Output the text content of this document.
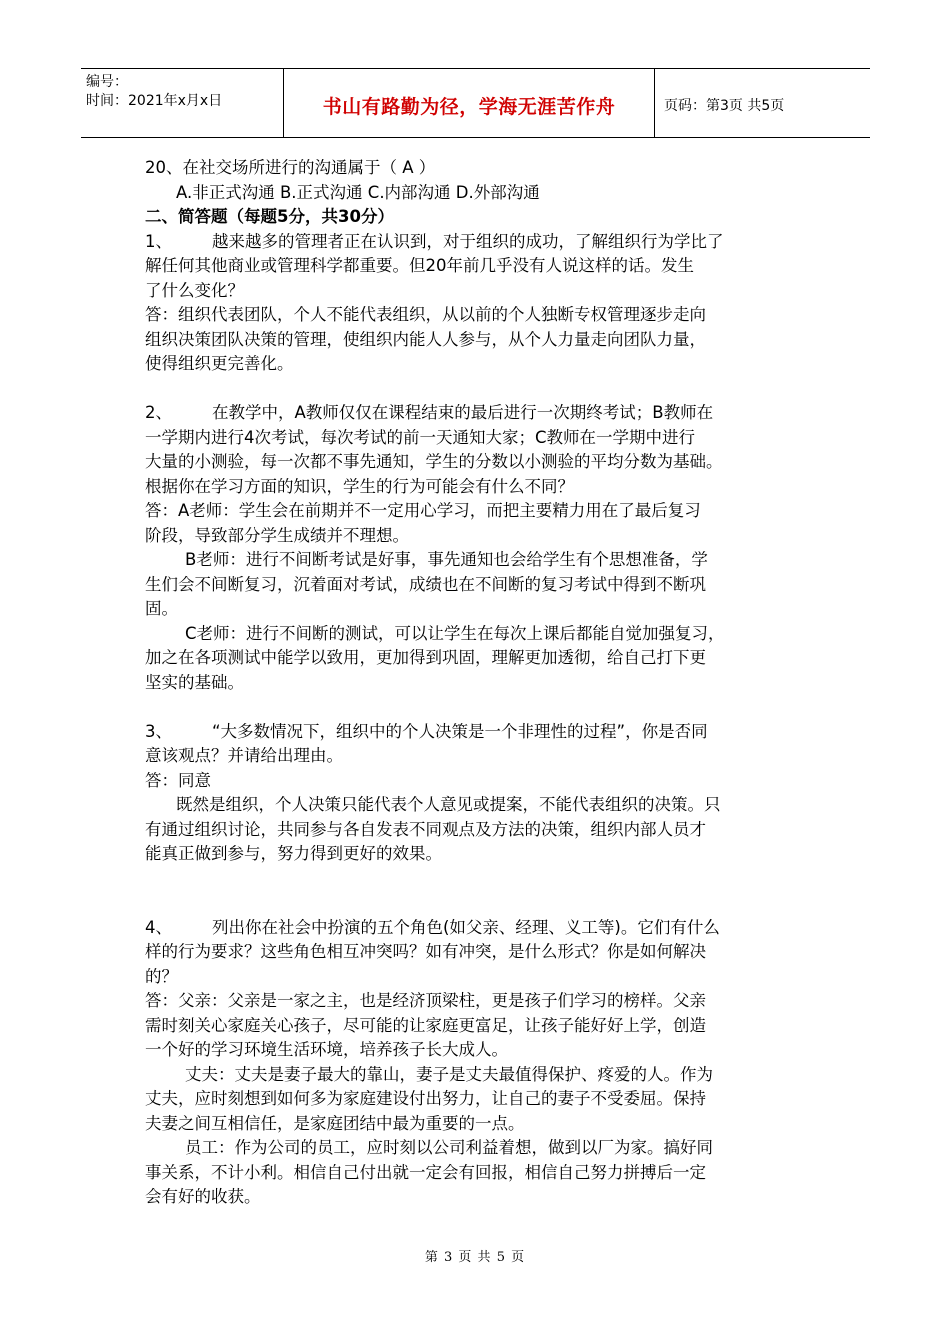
编号：
时间：2021年x月x日	书山有路勤为径，学海无涯苦作舟	页码：第3页 共5页

20、在社交场所进行的沟通属于（ A ）

A.非正式沟通 B.正式沟通 C.内部沟通 D.外部沟通

二、简答题（每题5分，共30分）

1、 越来越多的管理者正在认识到，对于组织的成功，了解组织行为学比了

解任何其他商业或管理科学都重要。但20年前几乎没有人说这样的话。发生

了什么变化？

答：组织代表团队，个人不能代表组织，从以前的个人独断专权管理逐步走向

组织决策团队决策的管理，使组织内能人人参与，从个人力量走向团队力量，

使得组织更完善化。

2、 在教学中，A教师仅仅在课程结束的最后进行一次期终考试；B教师在

一学期内进行4次考试，每次考试的前一天通知大家；C教师在一学期中进行

大量的小测验，每一次都不事先通知，学生的分数以小测验的平均分数为基础。

根据你在学习方面的知识，学生的行为可能会有什么不同？

答：A老师：学生会在前期并不一定用心学习，而把主要精力用在了最后复习

阶段，导致部分学生成绩并不理想。

B老师：进行不间断考试是好事，事先通知也会给学生有个思想准备，学

生们会不间断复习，沉着面对考试，成绩也在不间断的复习考试中得到不断巩

固。

C老师：进行不间断的测试，可以让学生在每次上课后都能自觉加强复习，

加之在各项测试中能学以致用，更加得到巩固，理解更加透彻，给自己打下更

坚实的基础。

3、 “大多数情况下，组织中的个人决策是一个非理性的过程”，你是否同

意该观点？并请给出理由。

答：同意

既然是组织，个人决策只能代表个人意见或提案，不能代表组织的决策。只

有通过组织讨论，共同参与各自发表不同观点及方法的决策，组织内部人员才

能真正做到参与，努力得到更好的效果。

4、 列出你在社会中扮演的五个角色(如父亲、经理、义工等)。它们有什么

样的行为要求？这些角色相互冲突吗？如有冲突，是什么形式？你是如何解决

的？

答：父亲：父亲是一家之主，也是经济顶梁柱，更是孩子们学习的榜样。父亲

需时刻关心家庭关心孩子，尽可能的让家庭更富足，让孩子能好好上学，创造

一个好的学习环境生活环境，培养孩子长大成人。

丈夫：丈夫是妻子最大的靠山，妻子是丈夫最值得保护、疼爱的人。作为

丈夫，应时刻想到如何多为家庭建设付出努力，让自己的妻子不受委屈。保持

夫妻之间互相信任，是家庭团结中最为重要的一点。

员工：作为公司的员工，应时刻以公司利益着想，做到以厂为家。搞好同

事关系，不计小利。相信自己付出就一定会有回报，相信自己努力拼搏后一定

会有好的收获。

第 3 页 共 5 页
